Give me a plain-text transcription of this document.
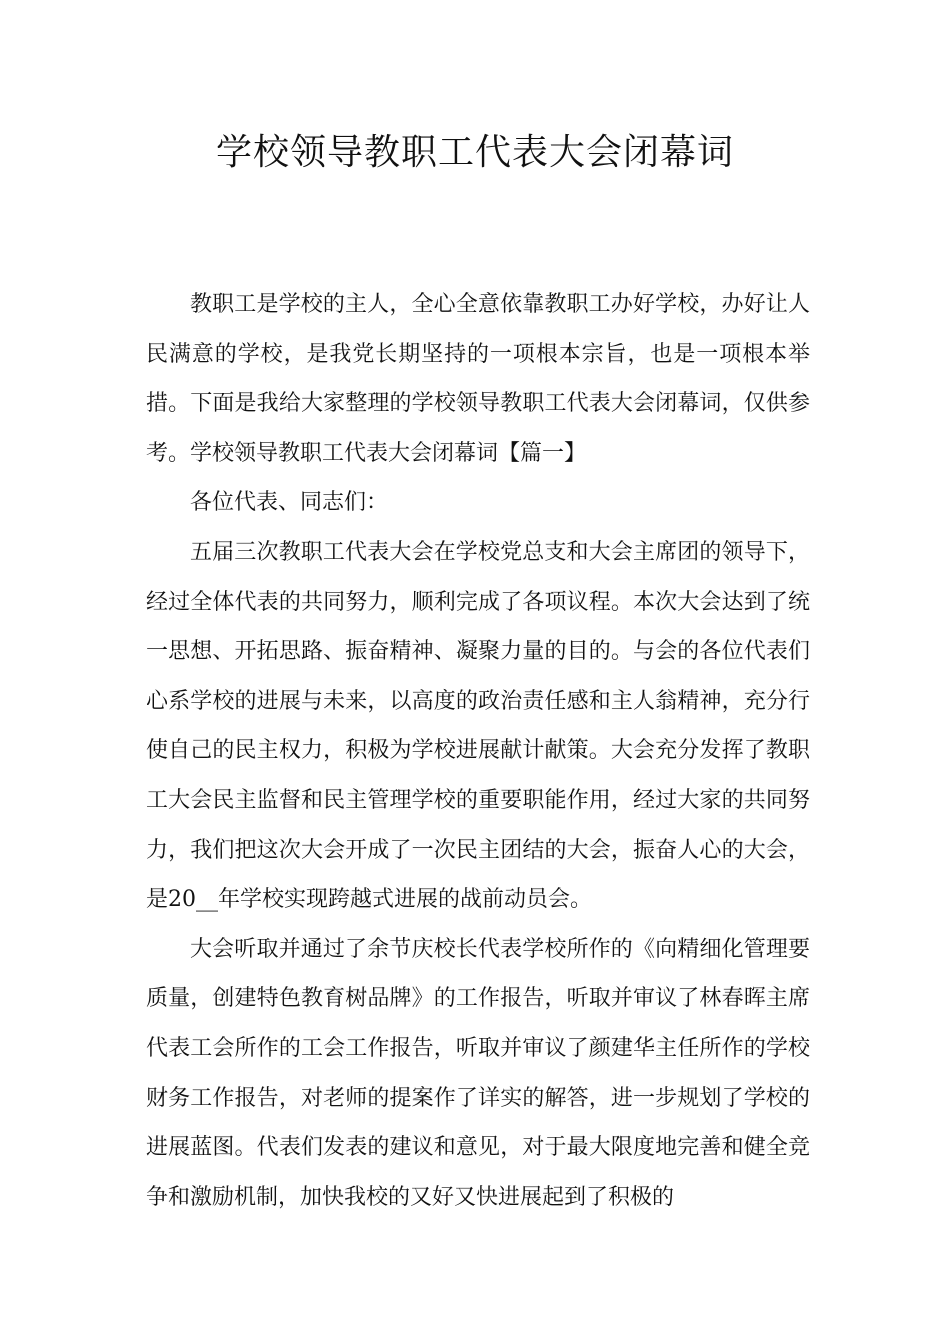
学校领导教职工代表大会闭幕词

教职工是学校的主人，全心全意依靠教职工办好学校，办好让人民满意的学校，是我党长期坚持的一项根本宗旨，也是一项根本举措。下面是我给大家整理的学校领导教职工代表大会闭幕词，仅供参考。学校领导教职工代表大会闭幕词【篇一】

各位代表、同志们：

五届三次教职工代表大会在学校党总支和大会主席团的领导下，经过全体代表的共同努力，顺利完成了各项议程。本次大会达到了统一思想、开拓思路、振奋精神、凝聚力量的目的。与会的各位代表们心系学校的进展与未来，以高度的政治责任感和主人翁精神，充分行使自己的民主权力，积极为学校进展献计献策。大会充分发挥了教职工大会民主监督和民主管理学校的重要职能作用，经过大家的共同努力，我们把这次大会开成了一次民主团结的大会，振奋人心的大会，是20__年学校实现跨越式进展的战前动员会。

大会听取并通过了余节庆校长代表学校所作的《向精细化管理要质量，创建特色教育树品牌》的工作报告，听取并审议了林春晖主席代表工会所作的工会工作报告，听取并审议了颜建华主任所作的学校财务工作报告，对老师的提案作了详实的解答，进一步规划了学校的进展蓝图。代表们发表的建议和意见，对于最大限度地完善和健全竞争和激励机制，加快我校的又好又快进展起到了积极的
